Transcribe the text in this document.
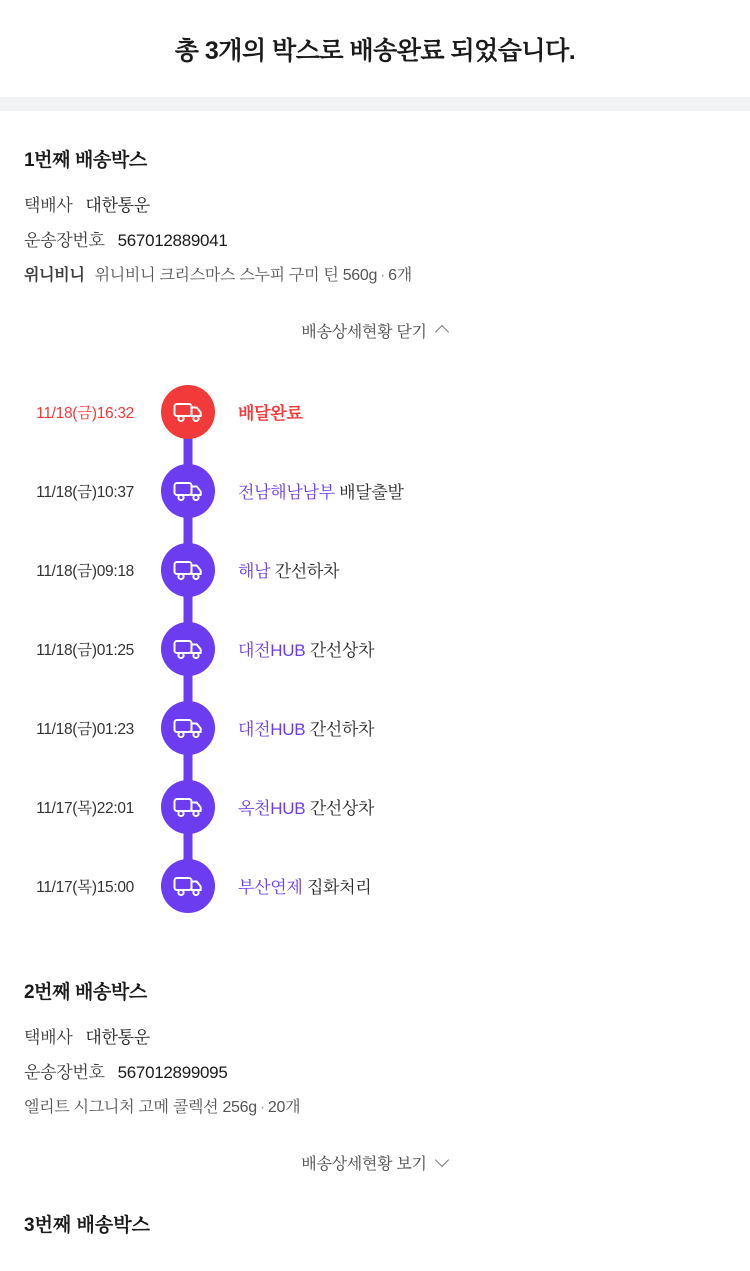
총 3개의 박스로 배송완료 되었습니다.
1번째 배송박스
택배사 대한통운
운송장번호 567012889041
위니비니 위니비니 크리스마스 스누피 구미 틴 560g · 6개
배송상세현황 닫기
11/18(금)16:32	배달완료
11/18(금)10:37	전남해남남부 배달출발
11/18(금)09:18	해남 간선하차
11/18(금)01:25	대전HUB 간선상차
11/18(금)01:23	대전HUB 간선하차
11/17(목)22:01	옥천HUB 간선상차
11/17(목)15:00	부산연제 집화처리
2번째 배송박스
택배사 대한통운
운송장번호 567012899095
엘리트 시그니처 고메 콜렉션 256g · 20개
배송상세현황 보기
3번째 배송박스
